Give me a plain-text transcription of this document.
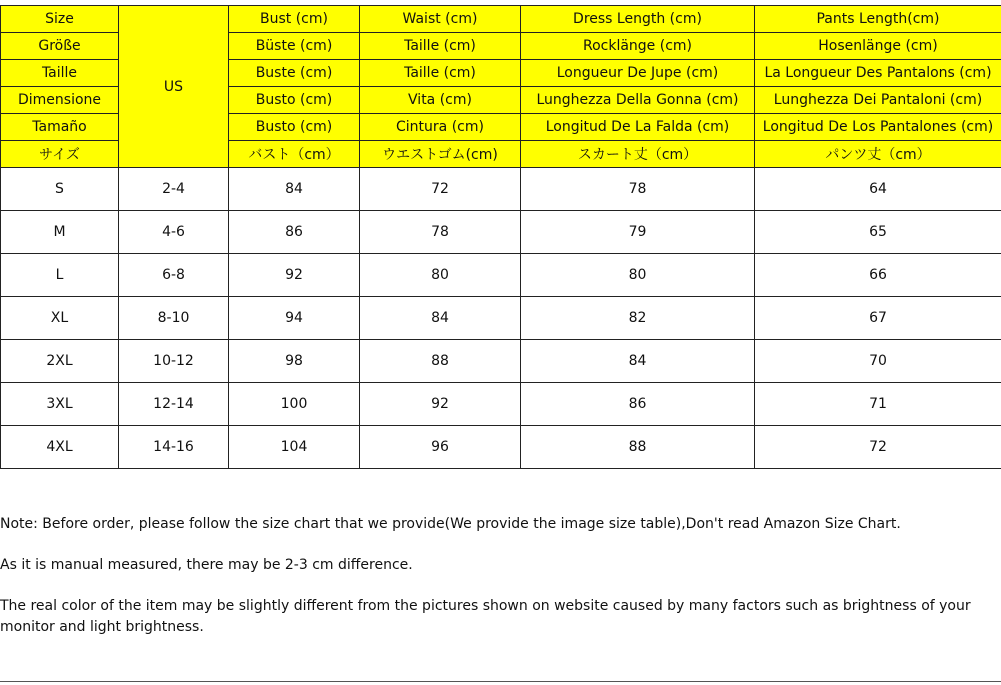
Size	US	Bust (cm)	Waist (cm)	Dress Length (cm)	Pants Length(cm)
Größe		Büste (cm)	Taille (cm)	Rocklänge (cm)	Hosenlänge (cm)
Taille		Buste (cm)	Taille (cm)	Longueur De Jupe (cm)	La Longueur Des Pantalons (cm)
Dimensione		Busto (cm)	Vita (cm)	Lunghezza Della Gonna (cm)	Lunghezza Dei Pantaloni (cm)
Tamaño		Busto (cm)	Cintura (cm)	Longitud De La Falda (cm)	Longitud De Los Pantalones (cm)
サイズ		バスト（cm）	ウエストゴム(cm)	スカート丈（cm）	パンツ丈（cm）
S	2-4	84	72	78	64
M	4-6	86	78	79	65
L	6-8	92	80	80	66
XL	8-10	94	84	82	67
2XL	10-12	98	88	84	70
3XL	12-14	100	92	86	71
4XL	14-16	104	96	88	72

Note: Before order, please follow the size chart that we provide(We provide the image size table),Don't read Amazon Size Chart.

As it is manual measured, there may be 2-3 cm difference.

The real color of the item may be slightly different from the pictures shown on website caused by many factors such as brightness of your monitor and light brightness.
